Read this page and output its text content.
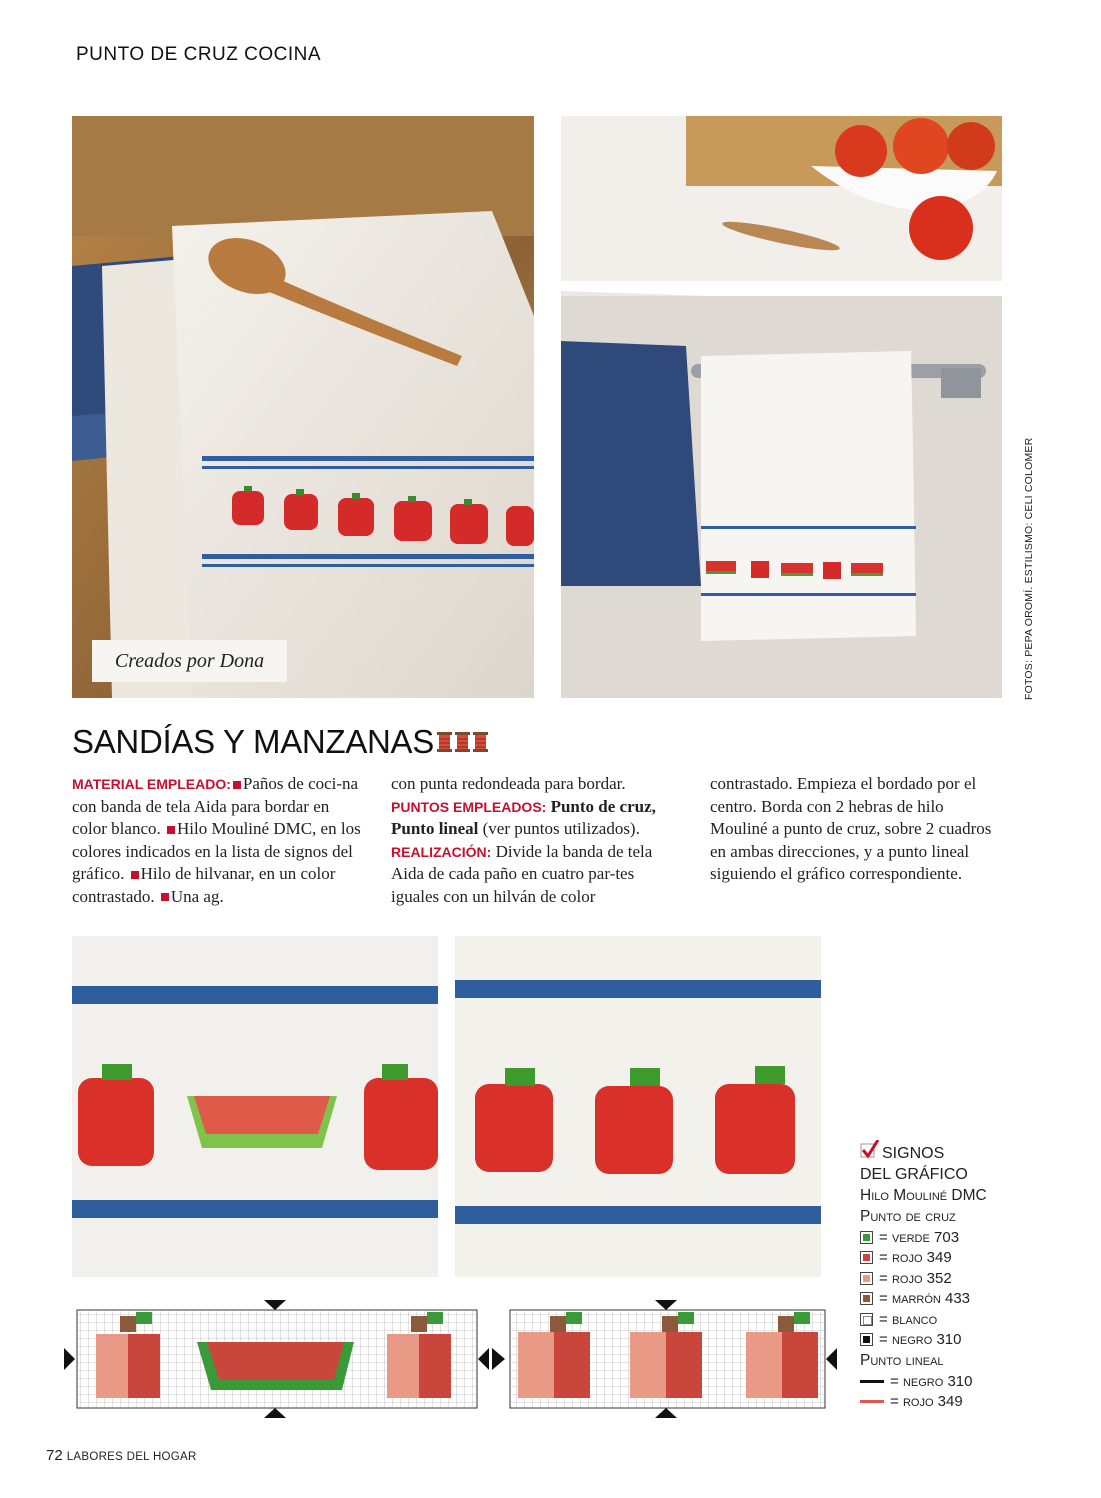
PUNTO DE CRUZ COCINA
Creados por Dona	FOTOS: PEPA OROMÍ. ESTILISMO: CELI COLOMER
SANDÍAS Y MANZANAS
MATERIAL EMPLEADO: Paños de coci-na con banda de tela Aida para bordar en color blanco. Hilo Mouliné DMC, en los colores indicados en la lista de signos del gráfico. Hilo de hilvanar, en un color contrastado. Una ag.
con punta redondeada para bordar. PUNTOS EMPLEADOS: Punto de cruz, Punto lineal (ver puntos utilizados). REALIZACIÓN: Divide la banda de tela Aida de cada paño en cuatro par-tes iguales con un hilván de color
contrastado. Empieza el bordado por el centro. Borda con 2 hebras de hilo Mouliné a punto de cruz, sobre 2 cuadros en ambas direcciones, y a punto lineal siguiendo el gráfico correspondiente.
SIGNOS
DEL GRÁFICO
Hilo Mouliné DMC
Punto de cruz
= verde 703
= rojo 349
= rojo 352
= marrón 433
= blanco
= negro 310
Punto lineal
= negro 310
= rojo 349
72 LABORES DEL HOGAR
